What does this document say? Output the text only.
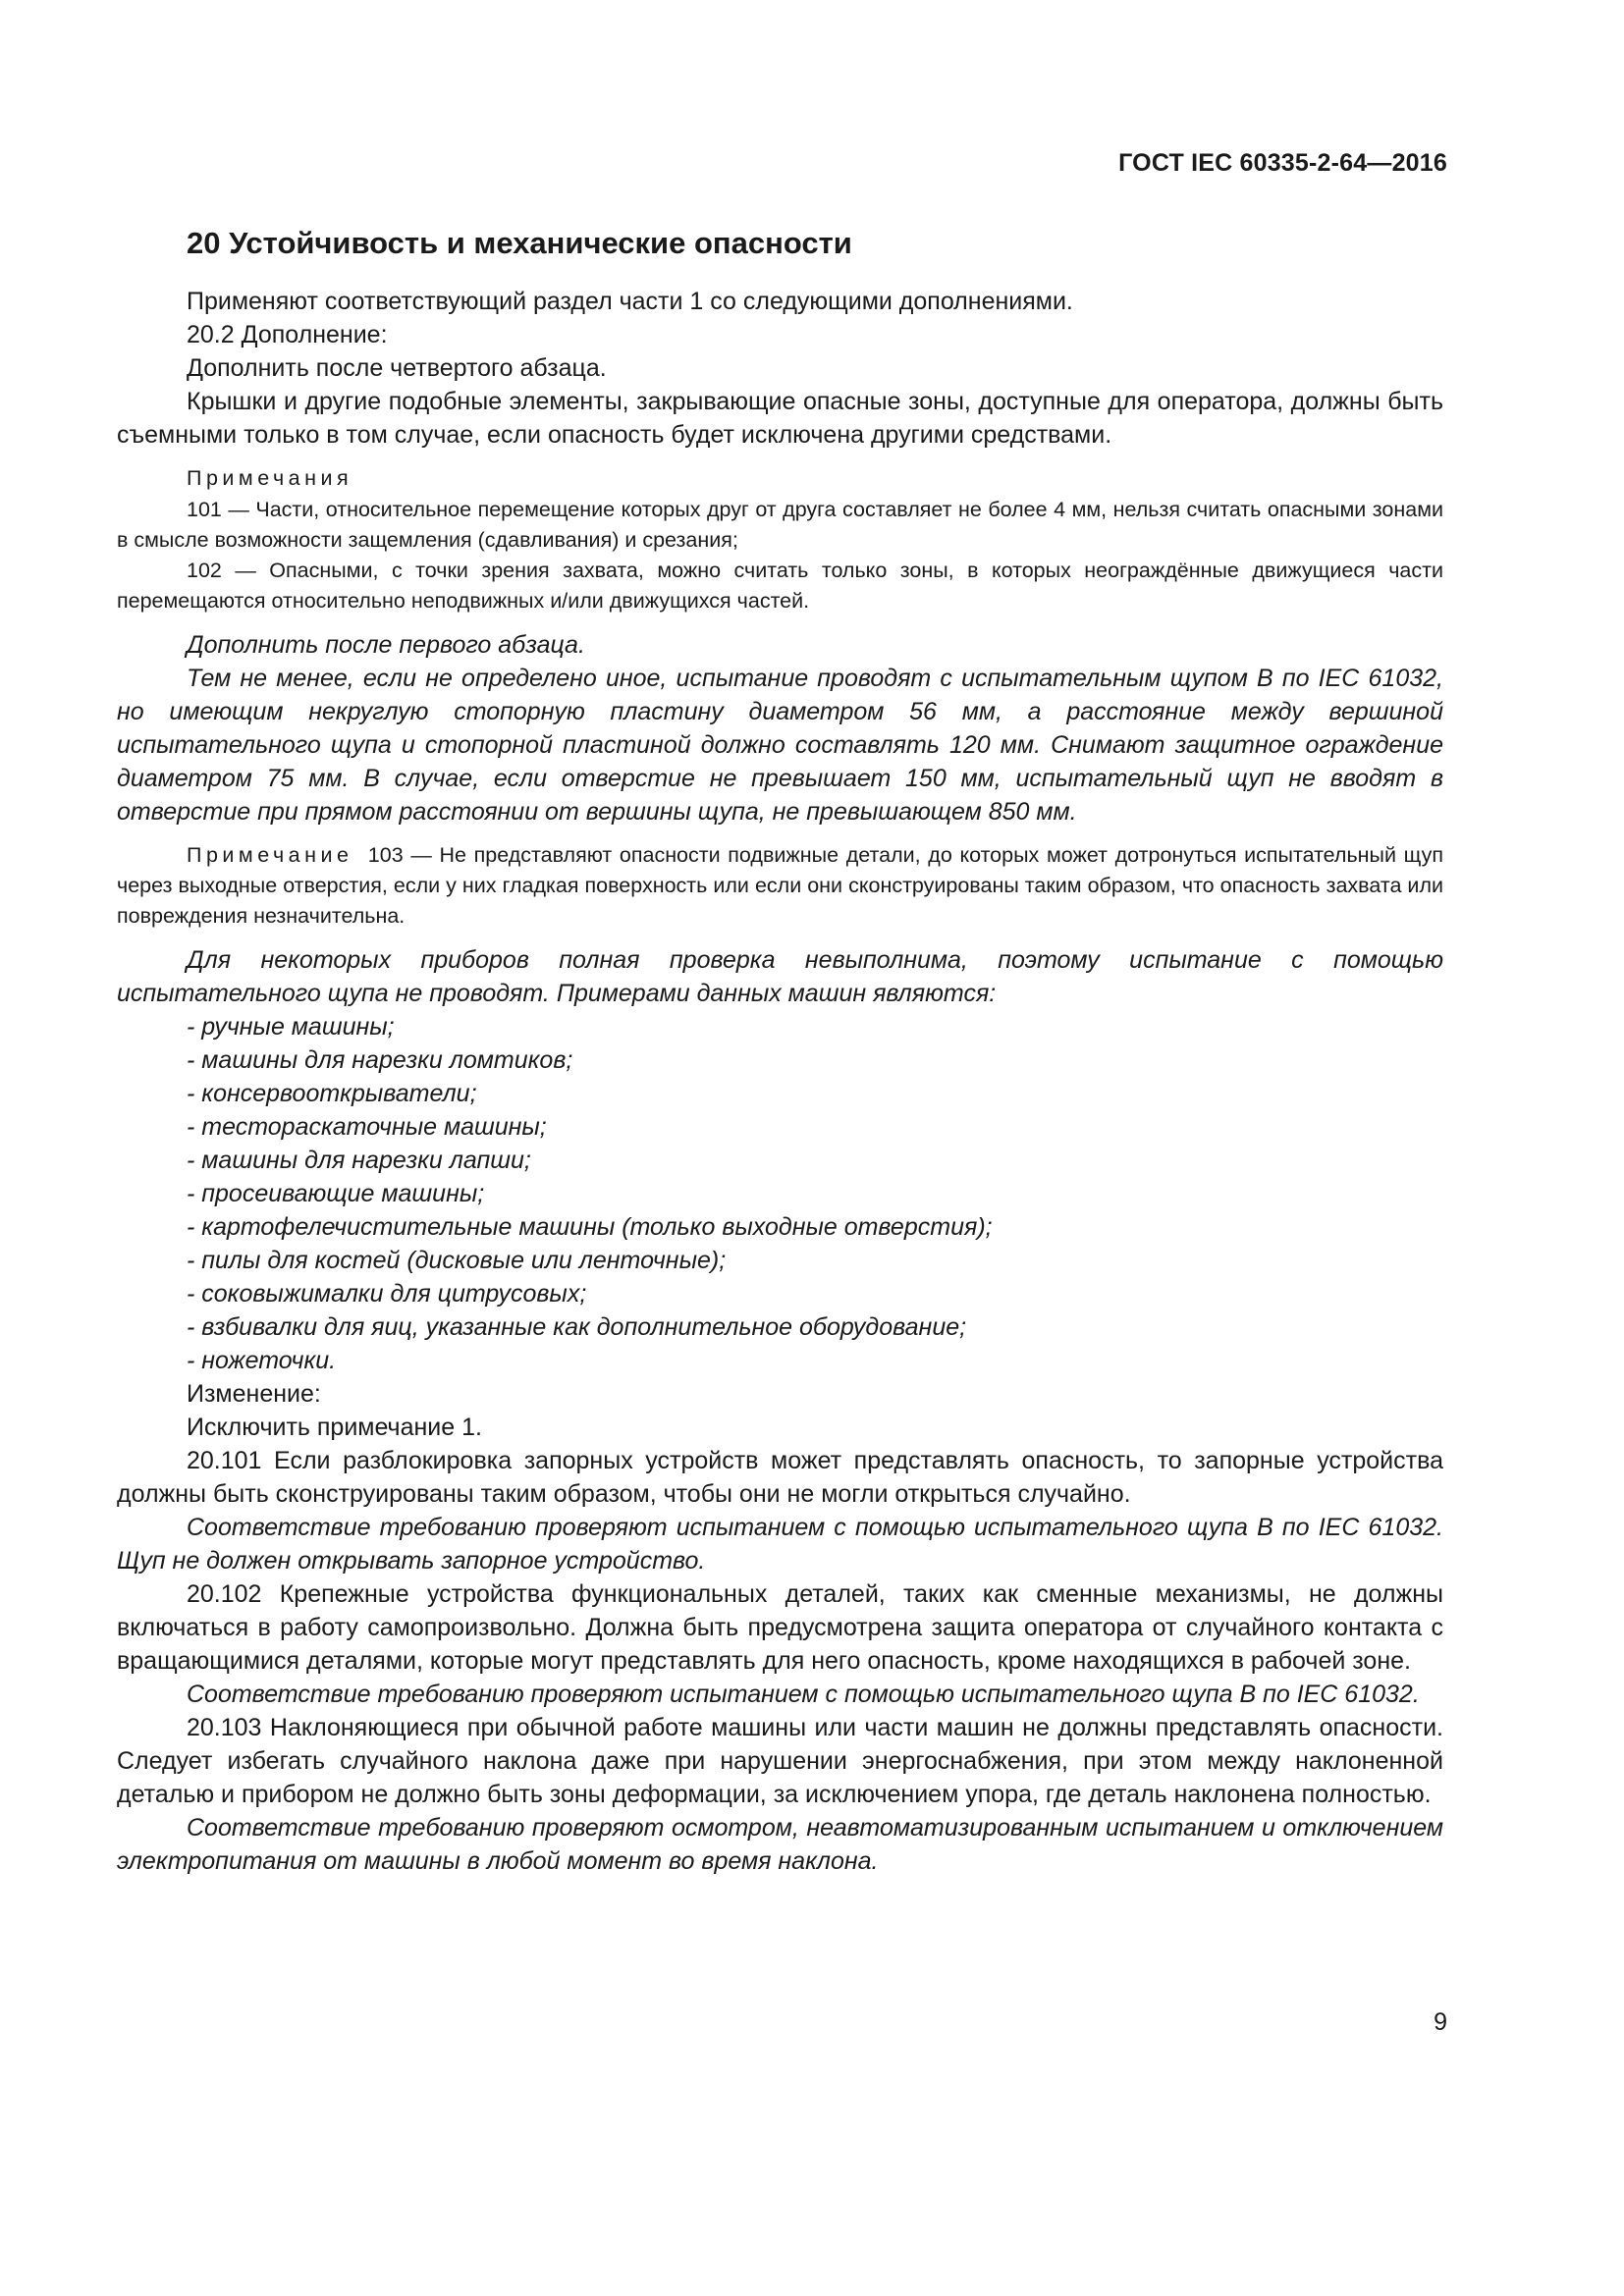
ГОСТ IEC 60335-2-64—2016
20 Устойчивость и механические опасности

Применяют соответствующий раздел части 1 со следующими дополнениями.

20.2 Дополнение:

Дополнить после четвертого абзаца.

Крышки и другие подобные элементы, закрывающие опасные зоны, доступные для оператора, должны быть съемными только в том случае, если опасность будет исключена другими средствами.

Примечания

101 — Части, относительное перемещение которых друг от друга составляет не более 4 мм, нельзя считать опасными зонами в смысле возможности защемления (сдавливания) и срезания;

102 — Опасными, с точки зрения захвата, можно считать только зоны, в которых неограждённые движущиеся части перемещаются относительно неподвижных и/или движущихся частей.

Дополнить после первого абзаца.

Тем не менее, если не определено иное, испытание проводят с испытательным щупом B по IEC 61032, но имеющим некруглую стопорную пластину диаметром 56 мм, а расстояние между вершиной испытательного щупа и стопорной пластиной должно составлять 120 мм. Снимают защитное ограждение диаметром 75 мм. В случае, если отверстие не превышает 150 мм, испытательный щуп не вводят в отверстие при прямом расстоянии от вершины щупа, не превышающем 850 мм.

Примечание 103 — Не представляют опасности подвижные детали, до которых может дотронуться испытательный щуп через выходные отверстия, если у них гладкая поверхность или если они сконструированы таким образом, что опасность захвата или повреждения незначительна.

Для некоторых приборов полная проверка невыполнима, поэтому испытание с помощью испытательного щупа не проводят. Примерами данных машин являются:

- ручные машины;

- машины для нарезки ломтиков;

- консервооткрыватели;

- тестораскаточные машины;

- машины для нарезки лапши;

- просеивающие машины;

- картофелечистительные машины (только выходные отверстия);

- пилы для костей (дисковые или ленточные);

- соковыжималки для цитрусовых;

- взбивалки для яиц, указанные как дополнительное оборудование;

- ножеточки.

Изменение:

Исключить примечание 1.

20.101 Если разблокировка запорных устройств может представлять опасность, то запорные устройства должны быть сконструированы таким образом, чтобы они не могли открыться случайно.

Соответствие требованию проверяют испытанием с помощью испытательного щупа B по IEC 61032. Щуп не должен открывать запорное устройство.

20.102 Крепежные устройства функциональных деталей, таких как сменные механизмы, не должны включаться в работу самопроизвольно. Должна быть предусмотрена защита оператора от случайного контакта с вращающимися деталями, которые могут представлять для него опасность, кроме находящихся в рабочей зоне.

Соответствие требованию проверяют испытанием с помощью испытательного щупа B по IEC 61032.

20.103 Наклоняющиеся при обычной работе машины или части машин не должны представлять опасности. Следует избегать случайного наклона даже при нарушении энергоснабжения, при этом между наклоненной деталью и прибором не должно быть зоны деформации, за исключением упора, где деталь наклонена полностью.

Соответствие требованию проверяют осмотром, неавтоматизированным испытанием и отключением электропитания от машины в любой момент во время наклона.

9
